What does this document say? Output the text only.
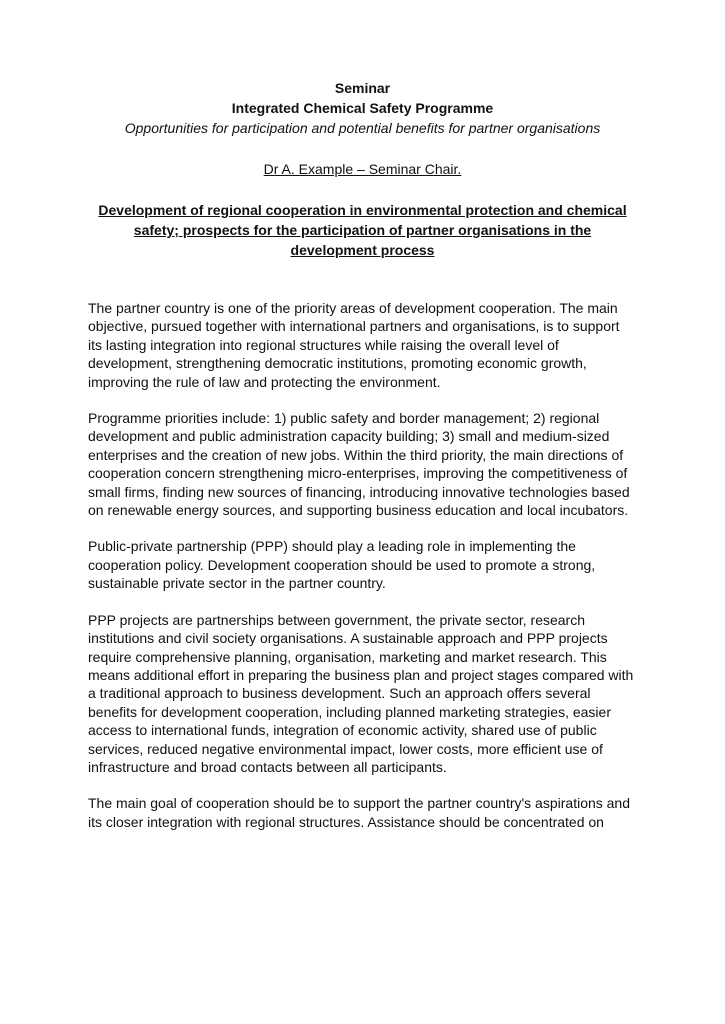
Seminar
Integrated Chemical Safety Programme
Opportunities for participation and potential benefits for partner organisations
Dr A. Example – Seminar Chair.
Development of regional cooperation in environmental protection and chemical safety; prospects for the participation of partner organisations in the development process

The partner country is one of the priority areas of development cooperation. The main objective, pursued together with international partners and organisations, is to support its lasting integration into regional structures while raising the overall level of development, strengthening democratic institutions, promoting economic growth, improving the rule of law and protecting the environment.

Programme priorities include: 1) public safety and border management; 2) regional development and public administration capacity building; 3) small and medium-sized enterprises and the creation of new jobs. Within the third priority, the main directions of cooperation concern strengthening micro-enterprises, improving the competitiveness of small firms, finding new sources of financing, introducing innovative technologies based on renewable energy sources, and supporting business education and local incubators.

Public-private partnership (PPP) should play a leading role in implementing the cooperation policy. Development cooperation should be used to promote a strong, sustainable private sector in the partner country.

PPP projects are partnerships between government, the private sector, research institutions and civil society organisations. A sustainable approach and PPP projects require comprehensive planning, organisation, marketing and market research. This means additional effort in preparing the business plan and project stages compared with a traditional approach to business development. Such an approach offers several benefits for development cooperation, including planned marketing strategies, easier access to international funds, integration of economic activity, shared use of public services, reduced negative environmental impact, lower costs, more efficient use of infrastructure and broad contacts between all participants.

The main goal of cooperation should be to support the partner country's aspirations and its closer integration with regional structures. Assistance should be concentrated on
